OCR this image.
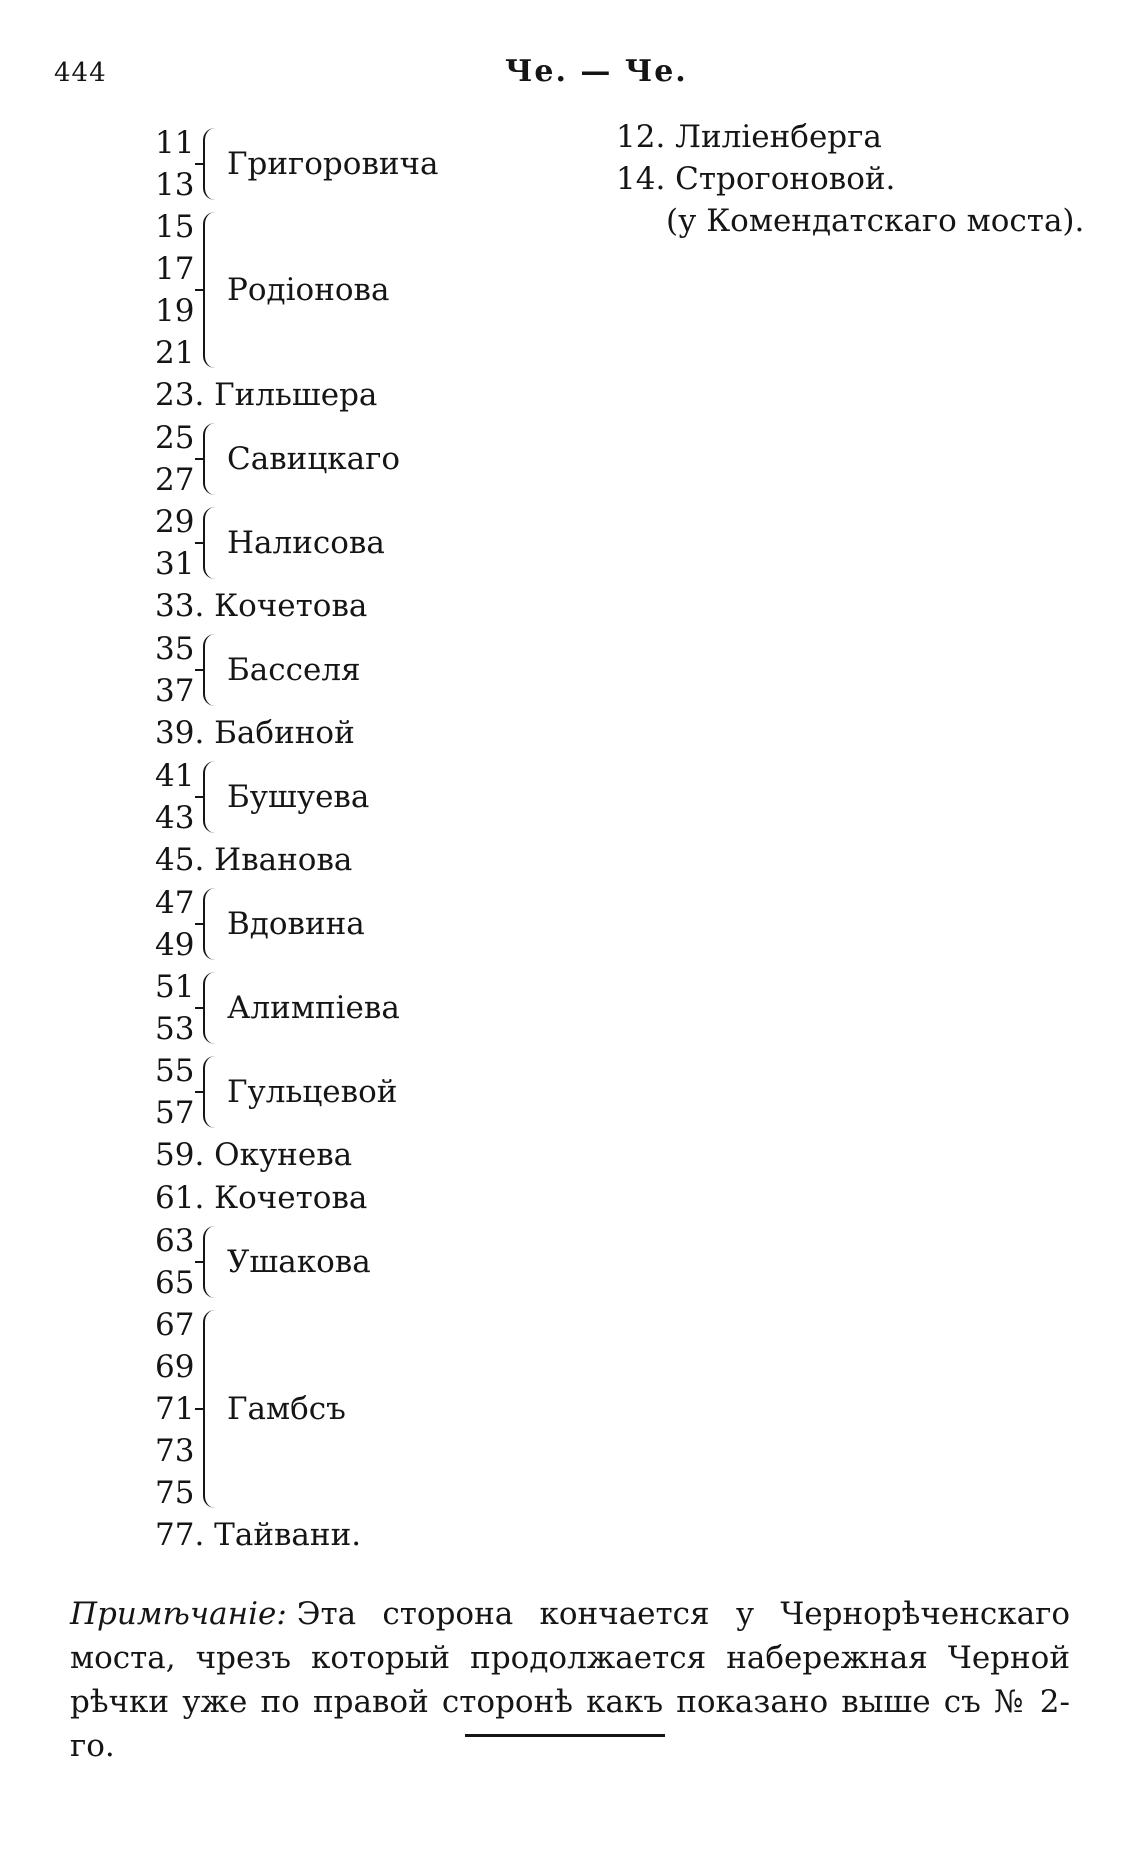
444	Че. — Че.
11
13
Григоровича
15
17
19
21
Родіонова
23. Гильшера
25
27
Савицкаго
29
31
Налисова
33. Кочетова
35
37
Басселя
39. Бабиной
41
43
Бушуева
45. Иванова
47
49
Вдовина
51
53
Алимпіева
55
57
Гульцевой
59. Окунева
61. Кочетова
63
65
Ушакова
67
69
71
73
75
Гамбсъ
77. Тайвани.
12. Лиліенберга
14. Строгоновой.
(у Комендатскаго моста).
Примѣчаніе: Эта сторона кончается у Чернорѣченскаго моста, чрезъ который продолжается набережная Черной рѣчки уже по правой сторонѣ какъ показано выше съ № 2-го.
